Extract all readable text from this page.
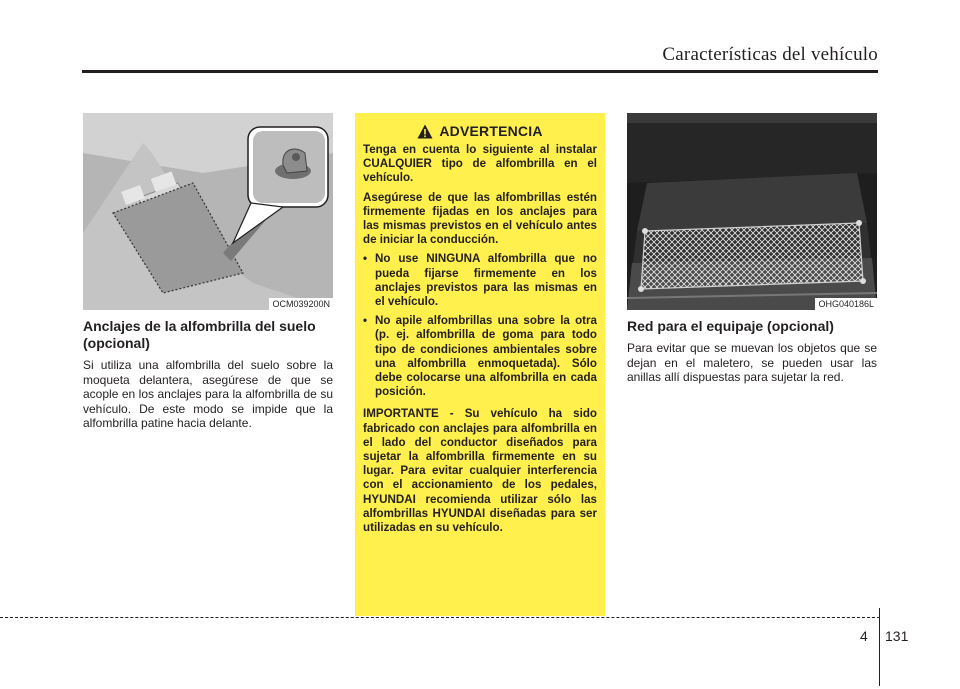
Características del vehículo
OCM039200N
Anclajes de la alfombrilla del suelo (opcional)

Si utiliza una alfombrilla del suelo sobre la moqueta delantera, asegúrese de que se acople en los anclajes para la alfombrilla de su vehículo. De este modo se impide que la alfombrilla patine hacia delante.

ADVERTENCIA

Tenga en cuenta lo siguiente al instalar CUALQUIER tipo de alfombrilla en el vehículo.

Asegúrese de que las alfombrillas estén firmemente fijadas en los anclajes para las mismas previstos en el vehículo antes de iniciar la conducción.

• No use NINGUNA alfombrilla que no pueda fijarse firmemente en los anclajes previstos para las mismas en el vehículo.
• No apile alfombrillas una sobre la otra (p. ej. alfombrilla de goma para todo tipo de condiciones ambientales sobre una alfombrilla enmoquetada). Sólo debe colocarse una alfombrilla en cada posición.

IMPORTANTE - Su vehículo ha sido fabricado con anclajes para alfombrilla en el lado del conductor diseñados para sujetar la alfombrilla firmemente en su lugar. Para evitar cualquier interferencia con el accionamiento de los pedales, HYUNDAI recomienda utilizar sólo las alfombrillas HYUNDAI diseñadas para ser utilizadas en su vehículo.

OHG040186L
Red para el equipaje (opcional)

Para evitar que se muevan los objetos que se dejan en el maletero, se pueden usar las anillas allí dispuestas para sujetar la red.

4 131
